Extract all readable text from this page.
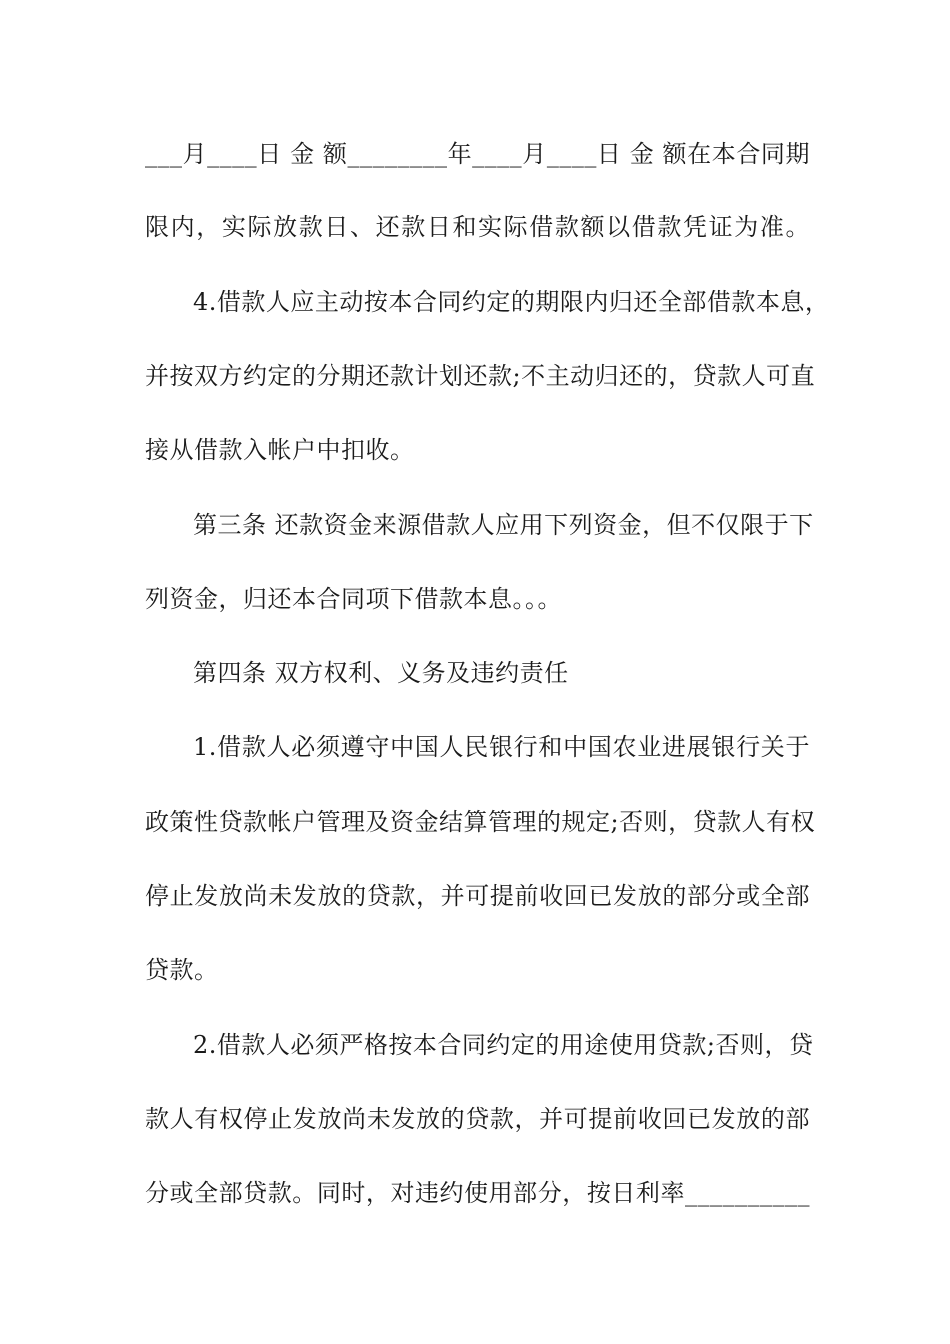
___月____日 金 额________年____月____日 金 额在本合同期
限内，实际放款日、还款日和实际借款额以借款凭证为准。
4.借款人应主动按本合同约定的期限内归还全部借款本息，
并按双方约定的分期还款计划还款;不主动归还的，贷款人可直
接从借款入帐户中扣收。
第三条 还款资金来源借款人应用下列资金，但不仅限于下
列资金，归还本合同项下借款本息。。。
第四条 双方权利、义务及违约责任
1.借款人必须遵守中国人民银行和中国农业进展银行关于
政策性贷款帐户管理及资金结算管理的规定;否则，贷款人有权
停止发放尚未发放的贷款，并可提前收回已发放的部分或全部
贷款。
2.借款人必须严格按本合同约定的用途使用贷款;否则，贷
款人有权停止发放尚未发放的贷款，并可提前收回已发放的部
分或全部贷款。同时，对违约使用部分，按日利率__________
